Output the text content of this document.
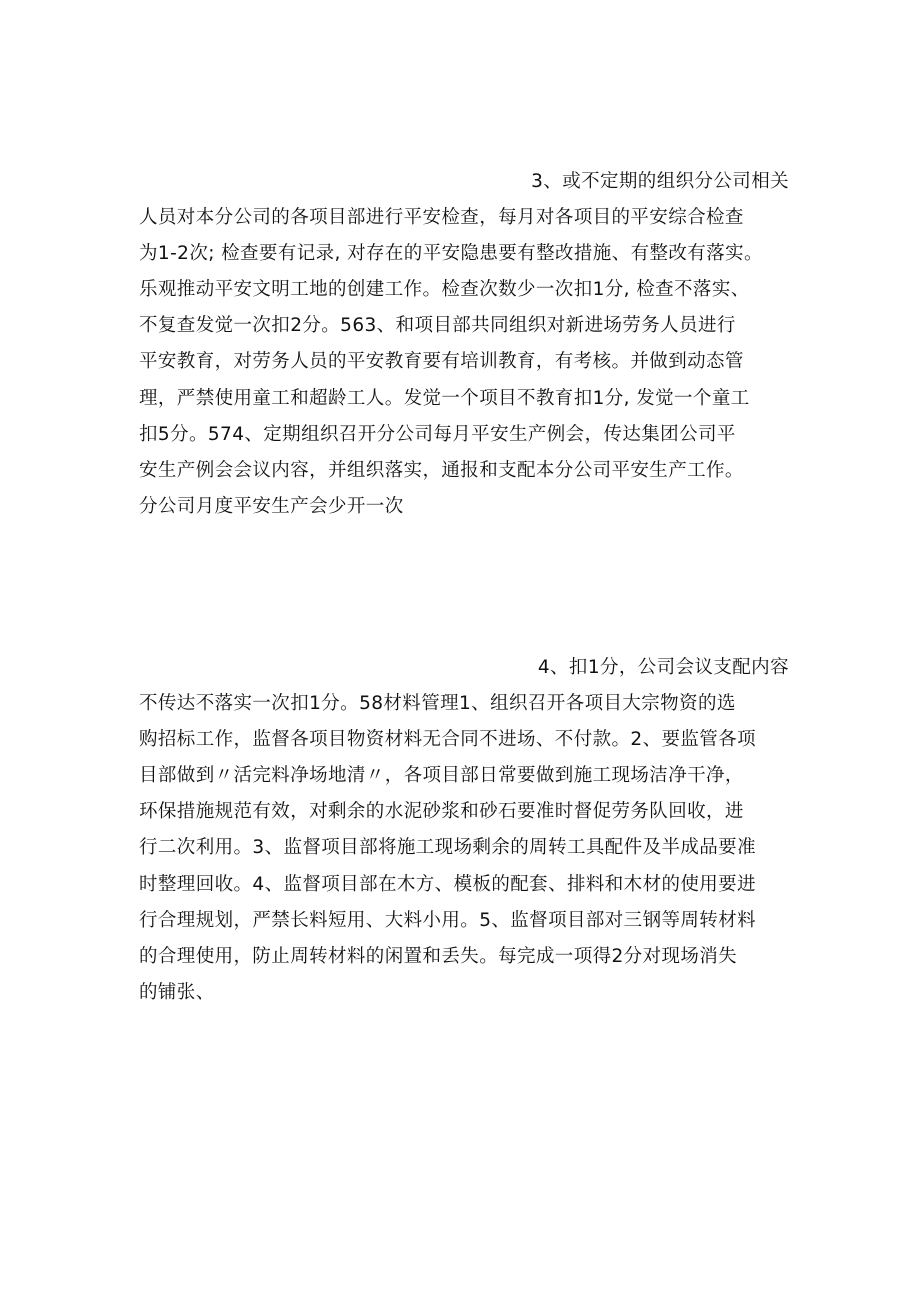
3、或不定期的组织分公司相关
人员对本分公司的各项目部进行平安检查，每月对各项目的平安综合检查
为1-2次; 检查要有记录, 对存在的平安隐患要有整改措施、有整改有落实。
乐观推动平安文明工地的创建工作。检查次数少一次扣1分, 检查不落实、
不复查发觉一次扣2分。563、和项目部共同组织对新进场劳务人员进行
平安教育，对劳务人员的平安教育要有培训教育，有考核。并做到动态管
理，严禁使用童工和超龄工人。发觉一个项目不教育扣1分, 发觉一个童工
扣5分。574、定期组织召开分公司每月平安生产例会，传达集团公司平
安生产例会会议内容，并组织落实，通报和支配本分公司平安生产工作。
分公司月度平安生产会少开一次
4、扣1分，公司会议支配内容
不传达不落实一次扣1分。58材料管理1、组织召开各项目大宗物资的选
购招标工作，监督各项目物资材料无合同不进场、不付款。2、要监管各项
目部做到〃活完料净场地清〃，各项目部日常要做到施工现场洁净干净，
环保措施规范有效，对剩余的水泥砂浆和砂石要准时督促劳务队回收，进
行二次利用。3、监督项目部将施工现场剩余的周转工具配件及半成品要准
时整理回收。4、监督项目部在木方、模板的配套、排料和木材的使用要进
行合理规划，严禁长料短用、大料小用。5、监督项目部对三钢等周转材料
的合理使用，防止周转材料的闲置和丢失。每完成一项得2分对现场消失
的铺张、
